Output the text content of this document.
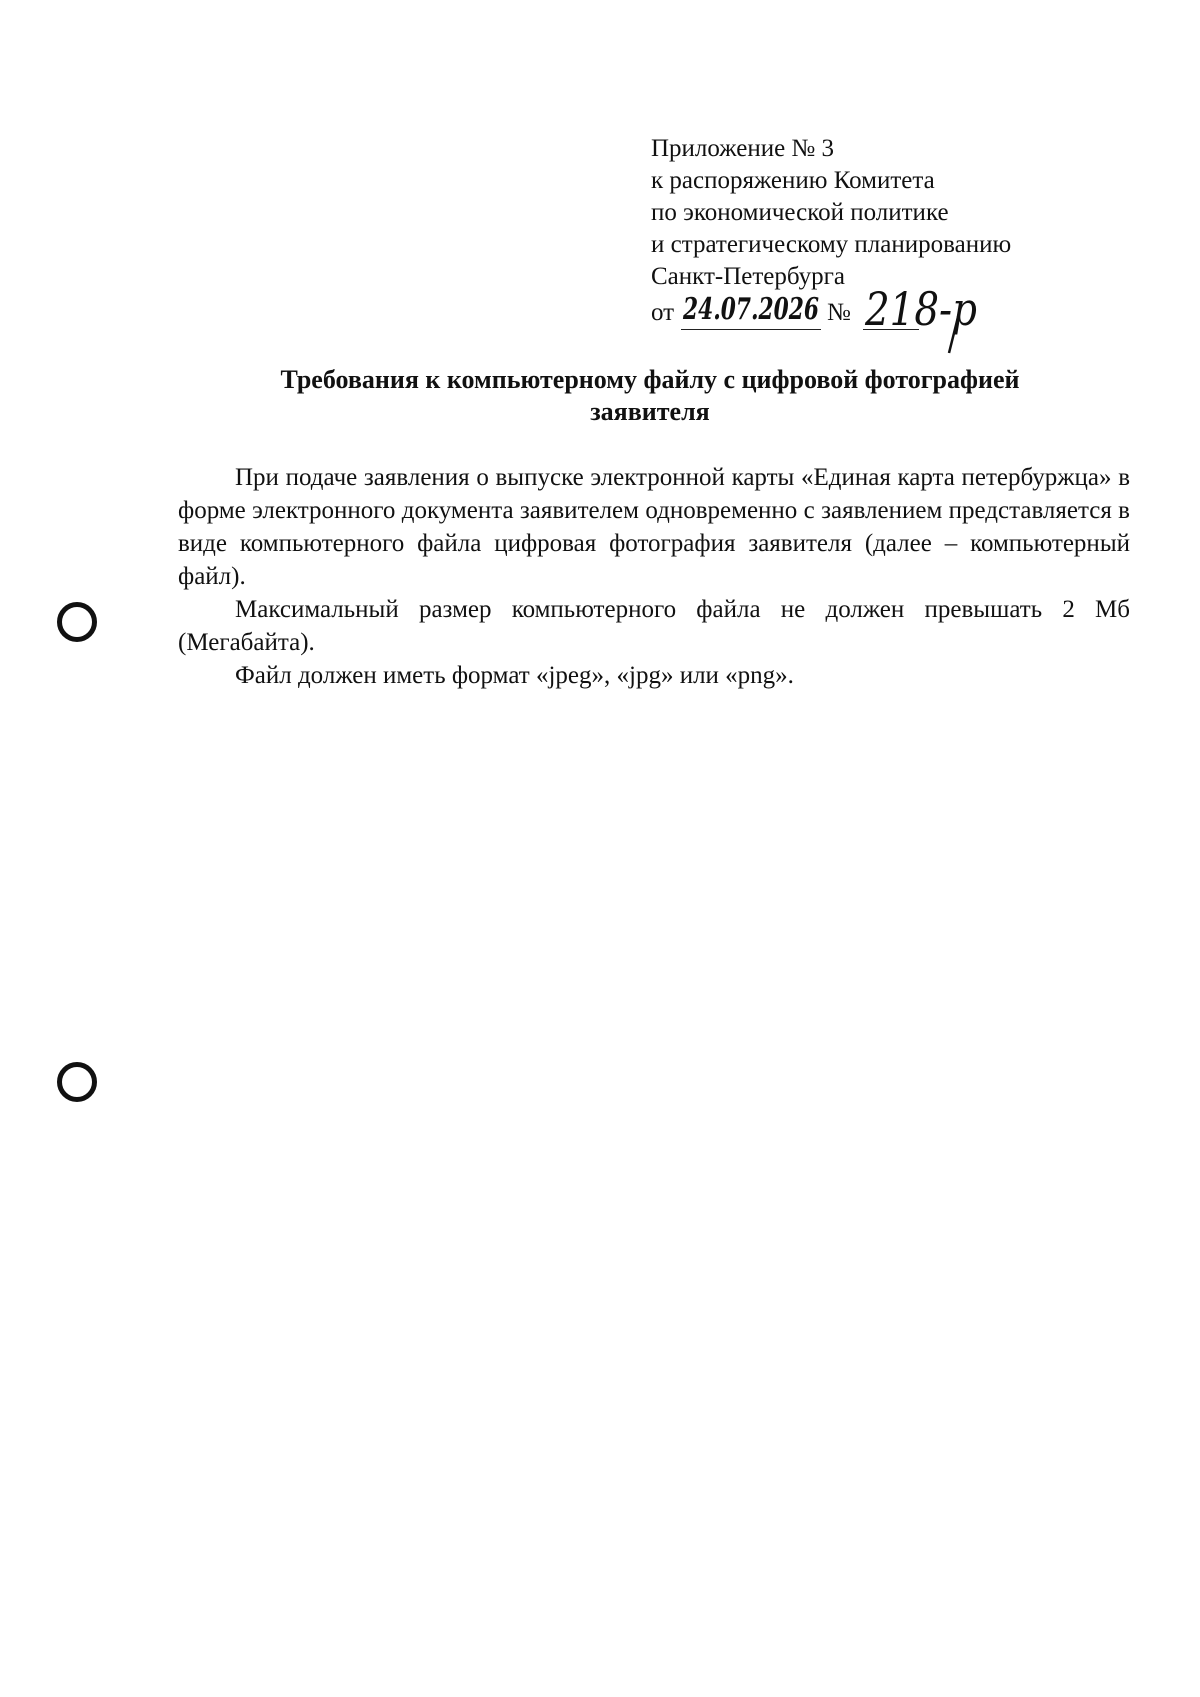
Приложение № 3
к распоряжению Комитета
по экономической политике
и стратегическому планированию
Санкт-Петербурга
от 24.07.2026 № 218-р
Требования к компьютерному файлу с цифровой фотографией
заявителя

При подаче заявления о выпуске электронной карты «Единая карта петербуржца» в форме электронного документа заявителем одновременно с заявлением представляется в виде компьютерного файла цифровая фотография заявителя (далее – компьютерный файл).

Максимальный размер компьютерного файла не должен превышать 2 Мб (Мегабайта).

Файл должен иметь формат «jpeg», «jpg» или «png».
